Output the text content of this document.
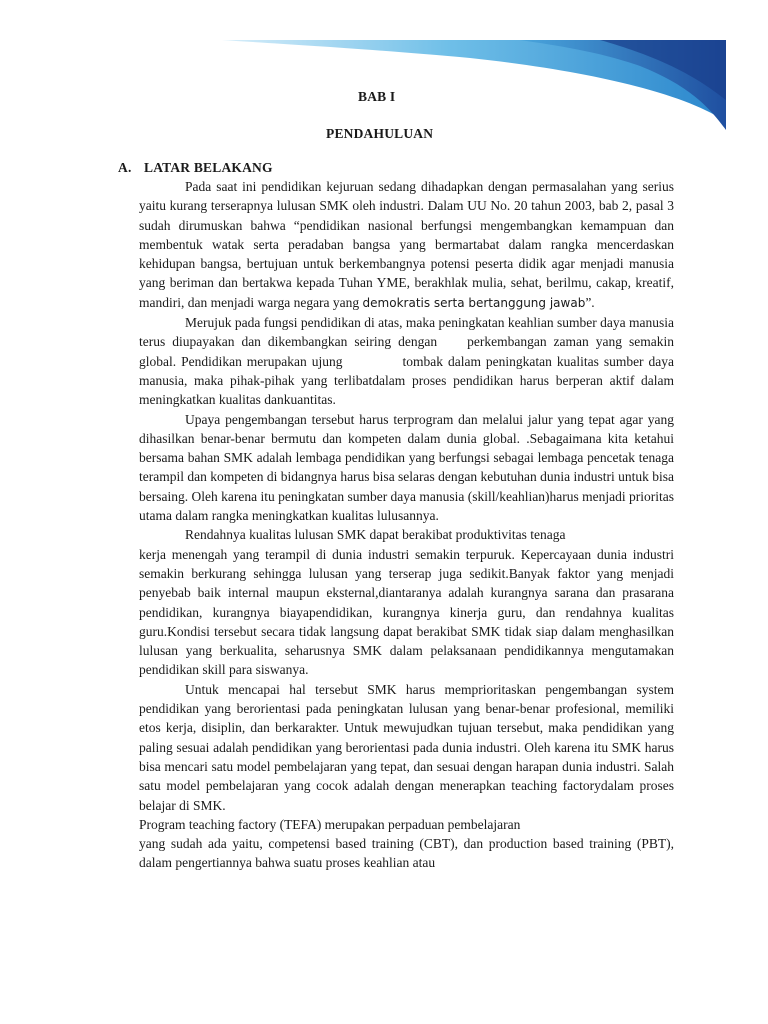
BAB I
PENDAHULUAN
A. LATAR BELAKANG

Pada saat ini pendidikan kejuruan sedang dihadapkan dengan permasalahan yang serius yaitu kurang terserapnya lulusan SMK oleh industri. Dalam UU No. 20 tahun 2003, bab 2, pasal 3 sudah dirumuskan bahwa “pendidikan nasional berfungsi mengembangkan kemampuan dan membentuk watak serta peradaban bangsa yang bermartabat dalam rangka mencerdaskan kehidupan bangsa, bertujuan untuk berkembangnya potensi peserta didik agar menjadi manusia yang beriman dan bertakwa kepada Tuhan YME, berakhlak mulia, sehat, berilmu, cakap, kreatif, mandiri, dan menjadi warga negara yang demokratis serta bertanggung jawab”.

Merujuk pada fungsi pendidikan di atas, maka peningkatan keahlian sumber daya manusia terus diupayakan dan dikembangkan seiring dengan perkembangan zaman yang semakin global. Pendidikan merupakan ujung	tombak dalam peningkatan kualitas sumber daya manusia, maka pihak-pihak yang terlibatdalam proses pendidikan harus berperan aktif dalam meningkatkan kualitas dankuantitas.

Upaya pengembangan tersebut harus terprogram dan melalui jalur yang tepat agar yang dihasilkan benar-benar bermutu dan kompeten dalam dunia global. .Sebagaimana kita ketahui bersama bahan SMK adalah lembaga pendidikan yang berfungsi sebagai lembaga pencetak tenaga terampil dan kompeten di bidangnya harus bisa selaras dengan kebutuhan dunia industri untuk bisa bersaing. Oleh karena itu peningkatan sumber daya manusia (skill/keahlian)harus menjadi prioritas utama dalam rangka meningkatkan kualitas lulusannya.

Rendahnya kualitas lulusan SMK dapat berakibat produktivitas tenaga

kerja menengah yang terampil di dunia industri semakin terpuruk. Kepercayaan dunia industri semakin berkurang sehingga lulusan yang terserap juga sedikit.Banyak faktor yang menjadi penyebab baik internal maupun eksternal,diantaranya adalah kurangnya sarana dan prasarana pendidikan, kurangnya biayapendidikan, kurangnya kinerja guru, dan rendahnya kualitas guru.Kondisi tersebut secara tidak langsung dapat berakibat SMK tidak siap dalam menghasilkan lulusan yang berkualita, seharusnya SMK dalam pelaksanaan pendidikannya mengutamakan pendidikan skill para siswanya.

Untuk mencapai hal tersebut SMK harus memprioritaskan pengembangan system pendidikan yang berorientasi pada peningkatan lulusan yang benar-benar profesional, memiliki etos kerja, disiplin, dan berkarakter. Untuk mewujudkan tujuan tersebut, maka pendidikan yang paling sesuai adalah pendidikan yang berorientasi pada dunia industri. Oleh karena itu SMK harus bisa mencari satu model pembelajaran yang tepat, dan sesuai dengan harapan dunia industri. Salah satu model pembelajaran yang cocok adalah dengan menerapkan teaching factorydalam proses belajar di SMK.

Program teaching factory (TEFA) merupakan perpaduan pembelajaran

yang sudah ada yaitu, competensi based training (CBT), dan production based training (PBT), dalam pengertiannya bahwa suatu proses keahlian atau
